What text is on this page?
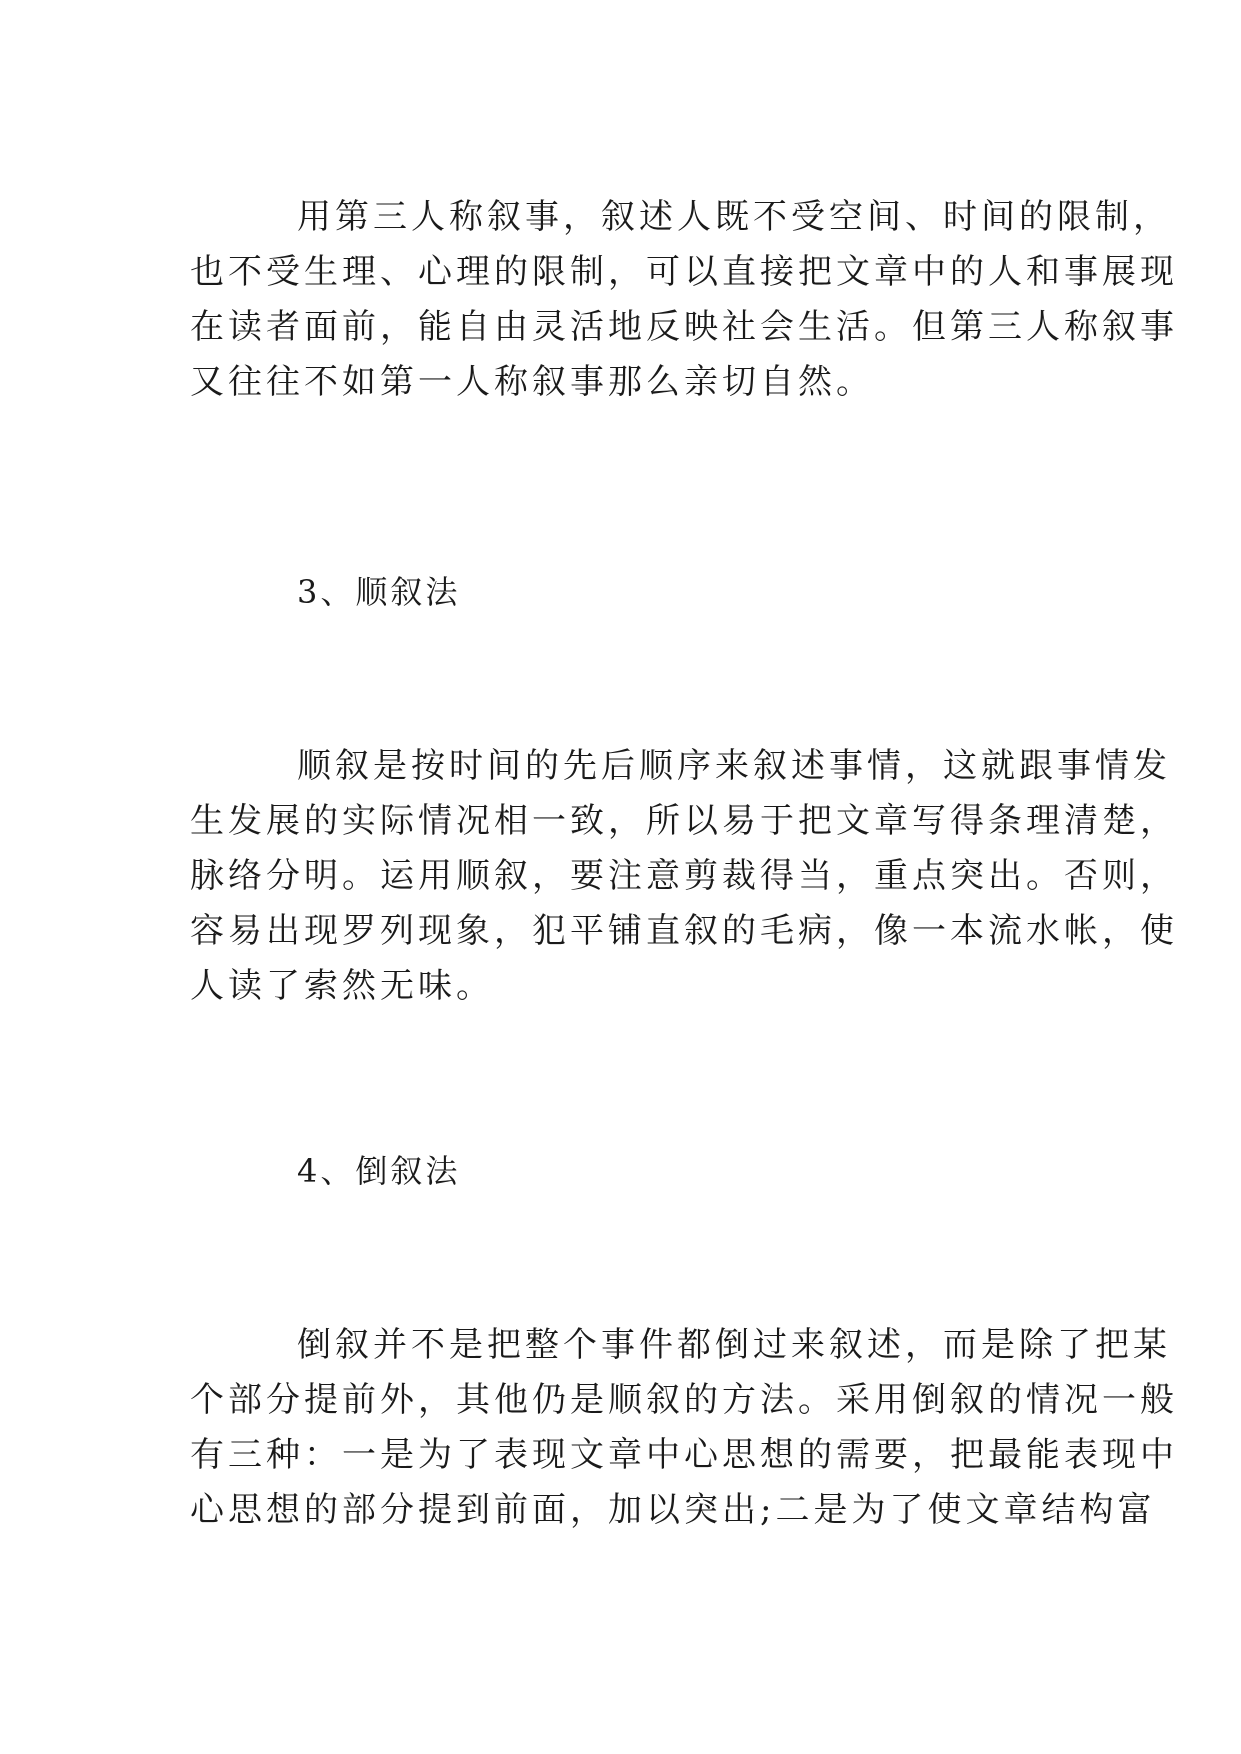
用第三人称叙事，叙述人既不受空间、时间的限制，
也不受生理、心理的限制，可以直接把文章中的人和事展现
在读者面前，能自由灵活地反映社会生活。但第三人称叙事
又往往不如第一人称叙事那么亲切自然。
3、顺叙法
顺叙是按时间的先后顺序来叙述事情，这就跟事情发
生发展的实际情况相一致，所以易于把文章写得条理清楚，
脉络分明。运用顺叙，要注意剪裁得当，重点突出。否则，
容易出现罗列现象，犯平铺直叙的毛病，像一本流水帐，使
人读了索然无味。
4、倒叙法
倒叙并不是把整个事件都倒过来叙述，而是除了把某
个部分提前外，其他仍是顺叙的方法。采用倒叙的情况一般
有三种：一是为了表现文章中心思想的需要，把最能表现中
心思想的部分提到前面，加以突出;二是为了使文章结构富
